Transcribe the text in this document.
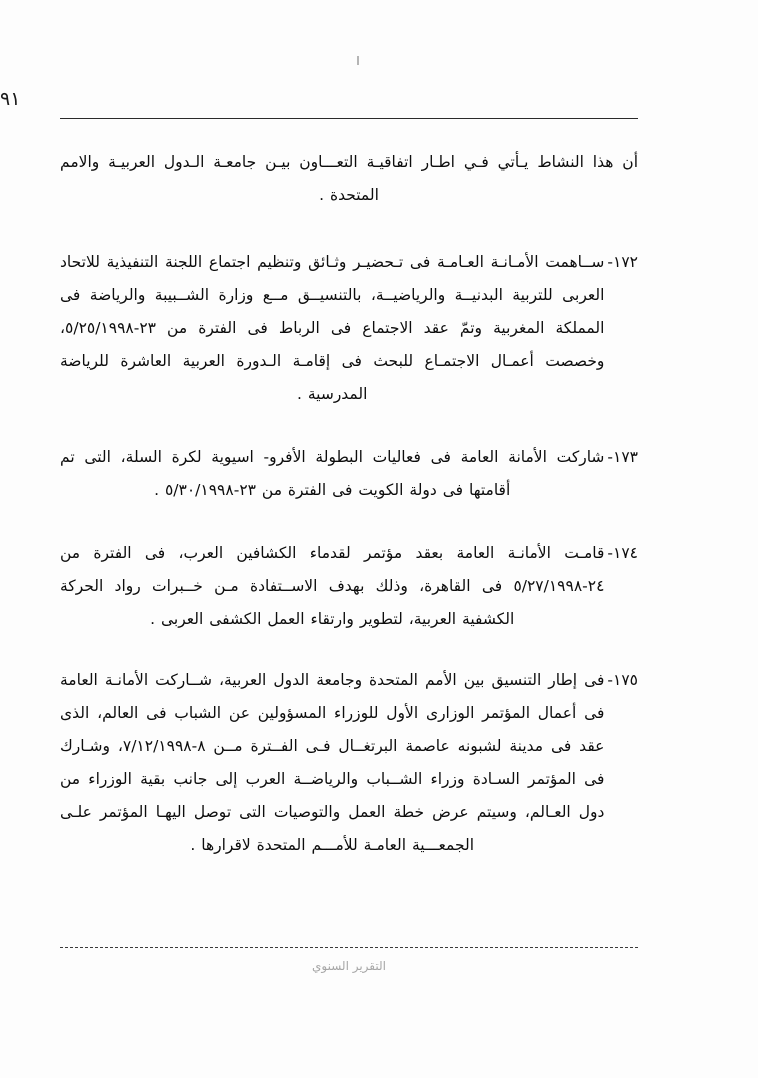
٩١
أن هذا النشاط يـأتي فـي اطـار اتفاقيـة التعـــاون بيـن جامعـة الـدول العربيـة والامم المتحدة .
١٧٢-
ســاهمت الأمـانـة العـامـة فى تـحضيـر وثـائق وتنظيم اجتماع اللجنة التنفيذية للاتحاد العربى للتربية البدنيــة والرياضيــة، بالتنسيــق مــع وزارة الشــبيبة والرياضة فى المملكة المغربية وتمّ عقد الاجتماع فى الرباط فى الفترة من ٢٣-٥/٢٥/١٩٩٨، وخصصت أعمـال الاجتمـاع للبحث فى إقامـة الـدورة العربية العاشرة للرياضة المدرسية .
١٧٣-
شاركت الأمانة العامة فى فعاليات البطولة الأفرو- اسيوية لكرة السلة، التى تم أقامتها فى دولة الكويت فى الفترة من ٢٣-٥/٣٠/١٩٩٨ .
١٧٤-
قامـت الأمانـة العامة بعقد مؤتمر لقدماء الكشافين العرب، فى الفترة من ٢٤-٥/٢٧/١٩٩٨ فى القاهرة، وذلك بهدف الاســتفادة مـن خــبرات رواد الحركة الكشفية العربية، لتطوير وارتقاء العمل الكشفى العربى .
١٧٥-
فى إطار التنسيق بين الأمم المتحدة وجامعة الدول العربية، شــاركت الأمانـة العامة فى أعمال المؤتمر الوزارى الأول للوزراء المسؤولين عن الشباب فى العالم، الذى عقد فى مدينة لشبونه عاصمة البرتغــال فـى الفــترة مــن ٨-٧/١٢/١٩٩٨، وشـارك فى المؤتمر السـادة وزراء الشــباب والرياضــة العرب إلى جانب بقية الوزراء من دول العـالم، وسيتم عرض خطة العمل والتوصيات التى توصل اليهـا المؤتمر علـى الجمعـــية العامـة للأمـــم المتحدة لاقرارها .
التقرير السنوي
